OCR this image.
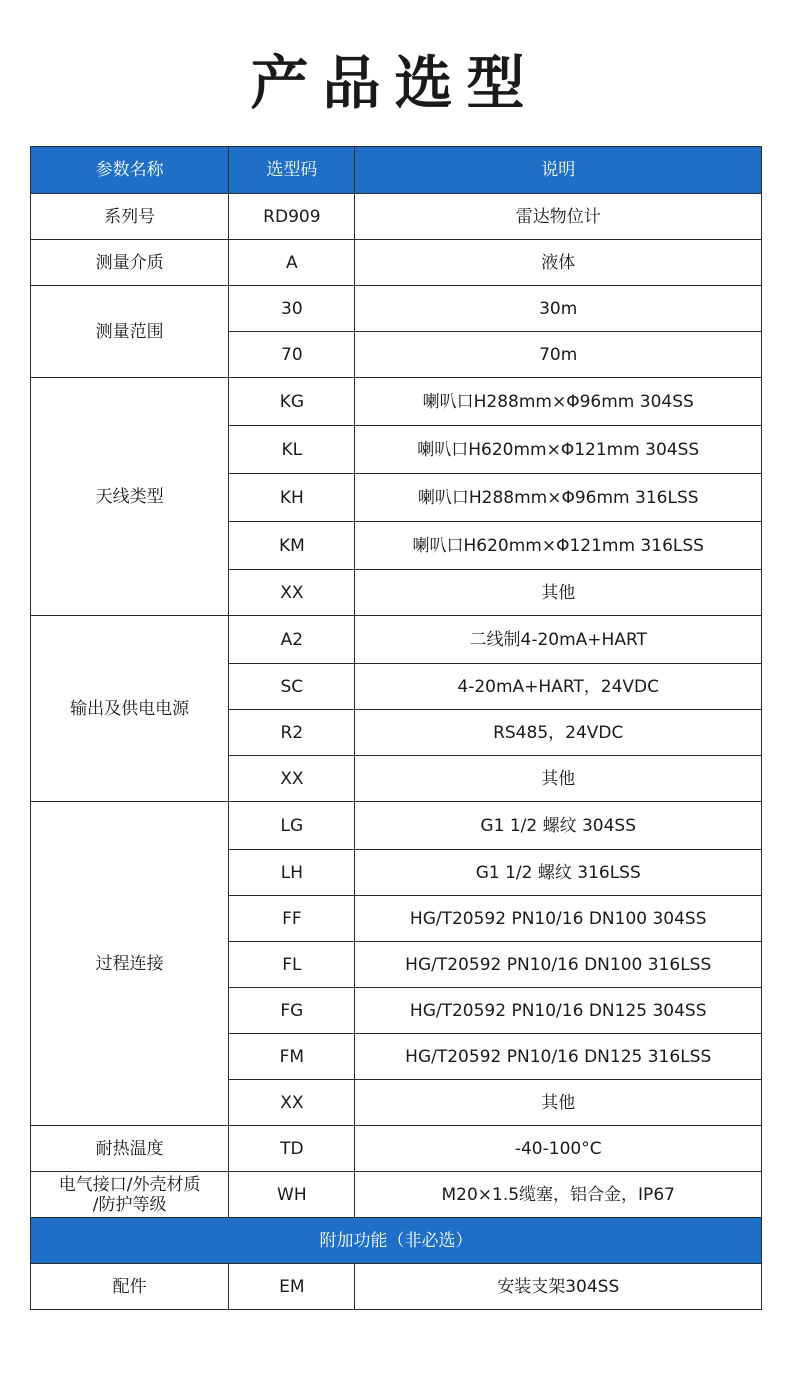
产品选型
参数名称	选型码	说明
系列号	RD909	雷达物位计
测量介质	A	液体
测量范围	30	30m
	70	70m
天线类型	KG	喇叭口H288mm×Φ96mm 304SS
	KL	喇叭口H620mm×Φ121mm 304SS
	KH	喇叭口H288mm×Φ96mm 316LSS
	KM	喇叭口H620mm×Φ121mm 316LSS
	XX	其他
输出及供电电源	A2	二线制4-20mA+HART
	SC	4-20mA+HART，24VDC
	R2	RS485，24VDC
	XX	其他
过程连接	LG	G1 1/2 螺纹 304SS
	LH	G1 1/2 螺纹 316LSS
	FF	HG/T20592 PN10/16 DN100 304SS
	FL	HG/T20592 PN10/16 DN100 316LSS
	FG	HG/T20592 PN10/16 DN125 304SS
	FM	HG/T20592 PN10/16 DN125 316LSS
	XX	其他
耐热温度	TD	-40-100°C

电气接口/外壳材质
/防护等级	WH	M20×1.5缆塞，铝合金，IP67
附加功能（非必选）		
配件	EM	安装支架304SS
